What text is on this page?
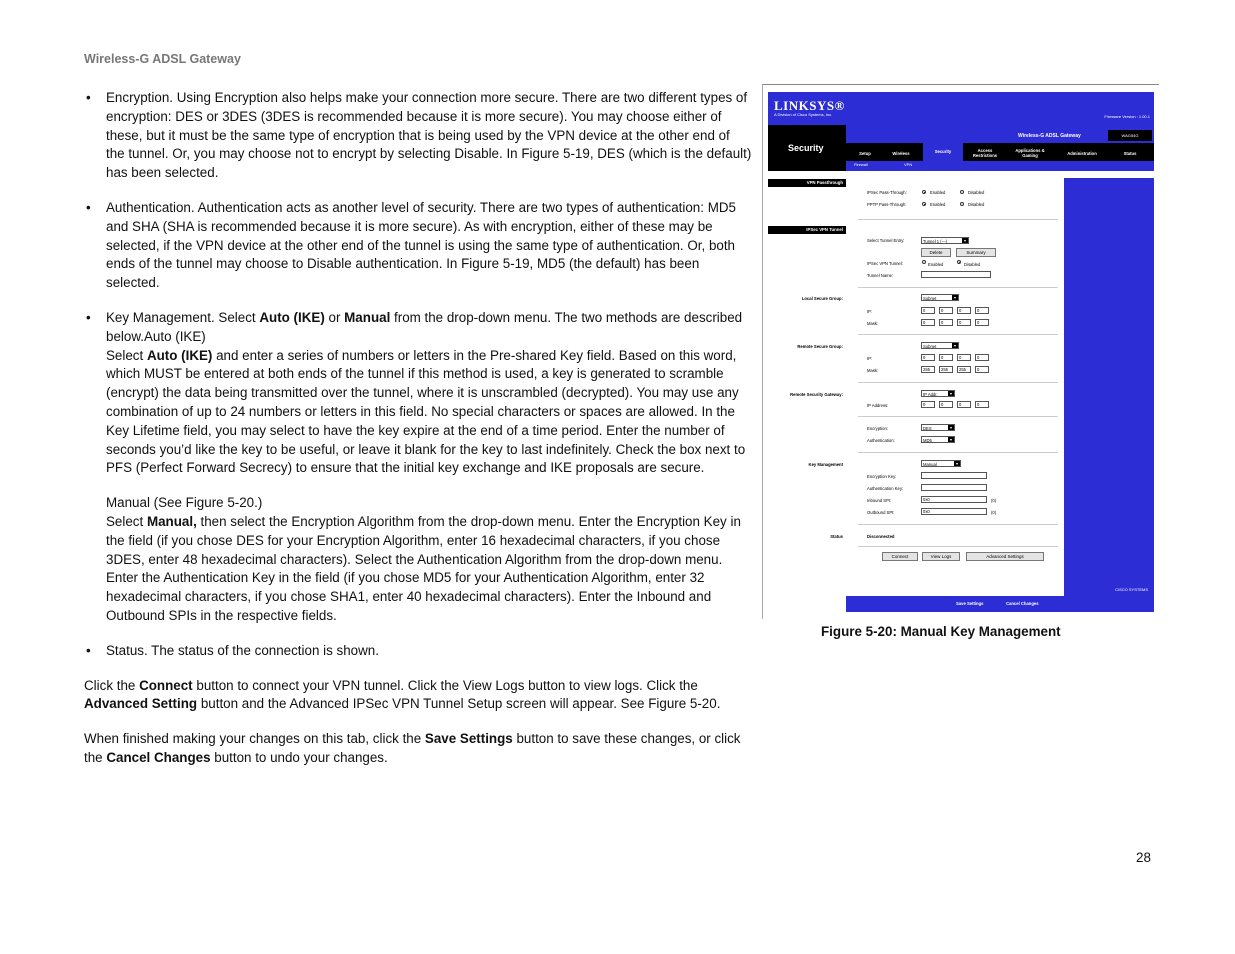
Wireless-G ADSL Gateway
• Encryption. Using Encryption also helps make your connection more secure. There are two different types of encryption: DES or 3DES (3DES is recommended because it is more secure). You may choose either of these, but it must be the same type of encryption that is being used by the VPN device at the other end of the tunnel. Or, you may choose not to encrypt by selecting Disable. In Figure 5-19, DES (which is the default) has been selected.
• Authentication. Authentication acts as another level of security. There are two types of authentication: MD5 and SHA (SHA is recommended because it is more secure). As with encryption, either of these may be selected, if the VPN device at the other end of the tunnel is using the same type of authentication. Or, both ends of the tunnel may choose to Disable authentication. In Figure 5-19, MD5 (the default) has been selected.
• Key Management. Select Auto (IKE) or Manual from the drop-down menu. The two methods are described below.Auto (IKE)
Select Auto (IKE) and enter a series of numbers or letters in the Pre-shared Key field. Based on this word, which MUST be entered at both ends of the tunnel if this method is used, a key is generated to scramble (encrypt) the data being transmitted over the tunnel, where it is unscrambled (decrypted). You may use any combination of up to 24 numbers or letters in this field. No special characters or spaces are allowed. In the Key Lifetime field, you may select to have the key expire at the end of a time period. Enter the number of seconds you’d like the key to be useful, or leave it blank for the key to last indefinitely. Check the box next to PFS (Perfect Forward Secrecy) to ensure that the initial key exchange and IKE proposals are secure.
Manual (See Figure 5-20.)
Select Manual, then select the Encryption Algorithm from the drop-down menu. Enter the Encryption Key in the field (if you chose DES for your Encryption Algorithm, enter 16 hexadecimal characters, if you chose 3DES, enter 48 hexadecimal characters). Select the Authentication Algorithm from the drop-down menu. Enter the Authentication Key in the field (if you chose MD5 for your Authentication Algorithm, enter 32 hexadecimal characters, if you chose SHA1, enter 40 hexadecimal characters). Enter the Inbound and Outbound SPIs in the respective fields.
• Status. The status of the connection is shown.
Click the Connect button to connect your VPN tunnel. Click the View Logs button to view logs. Click the Advanced Setting button and the Advanced IPSec VPN Tunnel Setup screen will appear. See Figure 5-20.
When finished making your changes on this tab, click the Save Settings button to save these changes, or click the Cancel Changes button to undo your changes.
LINKSYS®
A Division of Cisco Systems, Inc.	Firmware Version : 1.00.1
Security
Wireless-G ADSL Gateway	WAG54G
Setup	Wireless	Security	Access Restrictions
Applications & Gaming	Administration	Status
Firewall	VPN
CISCO SYSTEMS
VPN Passthrough
IPSec Pass-Through:	Enabled	Disabled
PPTP Pass-Through:	Enabled	Disabled
IPSec VPN Tunnel
Select Tunnel Entry:	Tunnel 1 (---) ▾
Delete	Summary
IPSec VPN Tunnel:	Enabled	Disabled
Tunnel Name:
Local Secure Group:	Subnet ▾
IP:	0	0	0	0
Mask:	0	0	0	0
Remote Secure Group:	Subnet ▾
IP:	0	0	0	0
Mask:	255	255	255	0
Remote Security Gateway:	IP Addr. ▾
IP Address:	0	0	0	0
Encryption:	DES ▾
Authentication:	MD5 ▾
Key Management	Manual ▾
Encryption Key:
Authentication Key:
Inbound SPI:	0x0	(0)
Outbound SPI:	0x0	(0)
Status	Disconnected
Connect	View Logs	Advanced Settings
Save Settings	Cancel Changes
Figure 5-20: Manual Key Management
28
